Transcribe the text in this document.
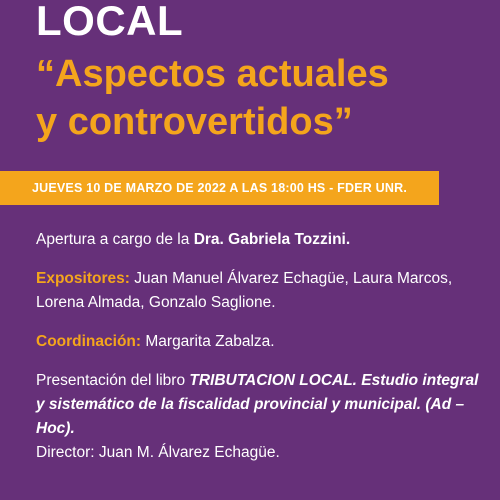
LOCAL
“Aspectos actuales
y controvertidos”
JUEVES 10 DE MARZO DE 2022 A LAS 18:00 HS - FDER UNR.

Apertura a cargo de la Dra. Gabriela Tozzini.

Expositores: Juan Manuel Álvarez Echagüe, Laura Marcos, Lorena Almada, Gonzalo Saglione.

Coordinación: Margarita Zabalza.

Presentación del libro TRIBUTACION LOCAL. Estudio integral y sistemático de la fiscalidad provincial y municipal. (Ad – Hoc).
Director: Juan M. Álvarez Echagüe.
